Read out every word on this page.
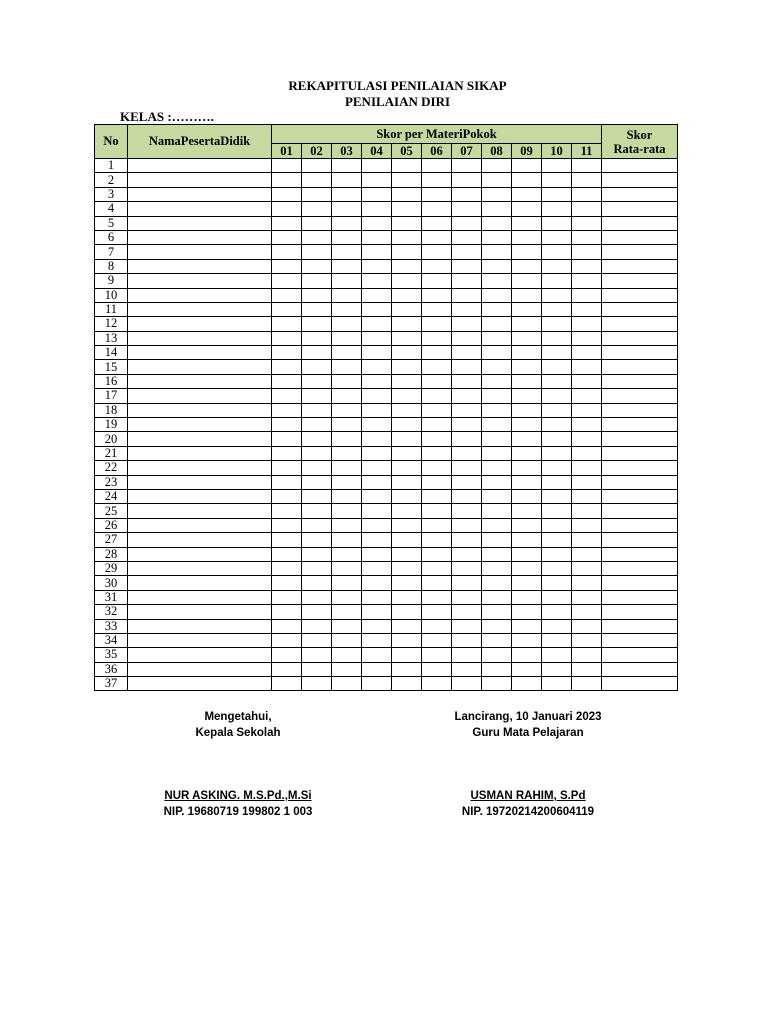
REKAPITULASI PENILAIAN SIKAP
PENILAIAN DIRI
KELAS :……….
No	NamaPesertaDidik	Skor per MateriPokok											Skor
Rata-rata
		01	02	03	04	05	06	07	08	09	10	11	
1													
2													
3													
4													
5													
6													
7													
8													
9													
10													
11													
12													
13													
14													
15													
16													
17													
18													
19													
20													
21													
22													
23													
24													
25													
26													
27													
28													
29													
30													
31													
32													
33													
34													
35													
36													
37													
Mengetahui,
Kepala Sekolah
NUR ASKING. M.S.Pd.,M.Si
NIP. 19680719 199802 1 003
Lancirang, 10 Januari 2023
Guru Mata Pelajaran
USMAN RAHIM, S.Pd
NIP. 19720214200604119
